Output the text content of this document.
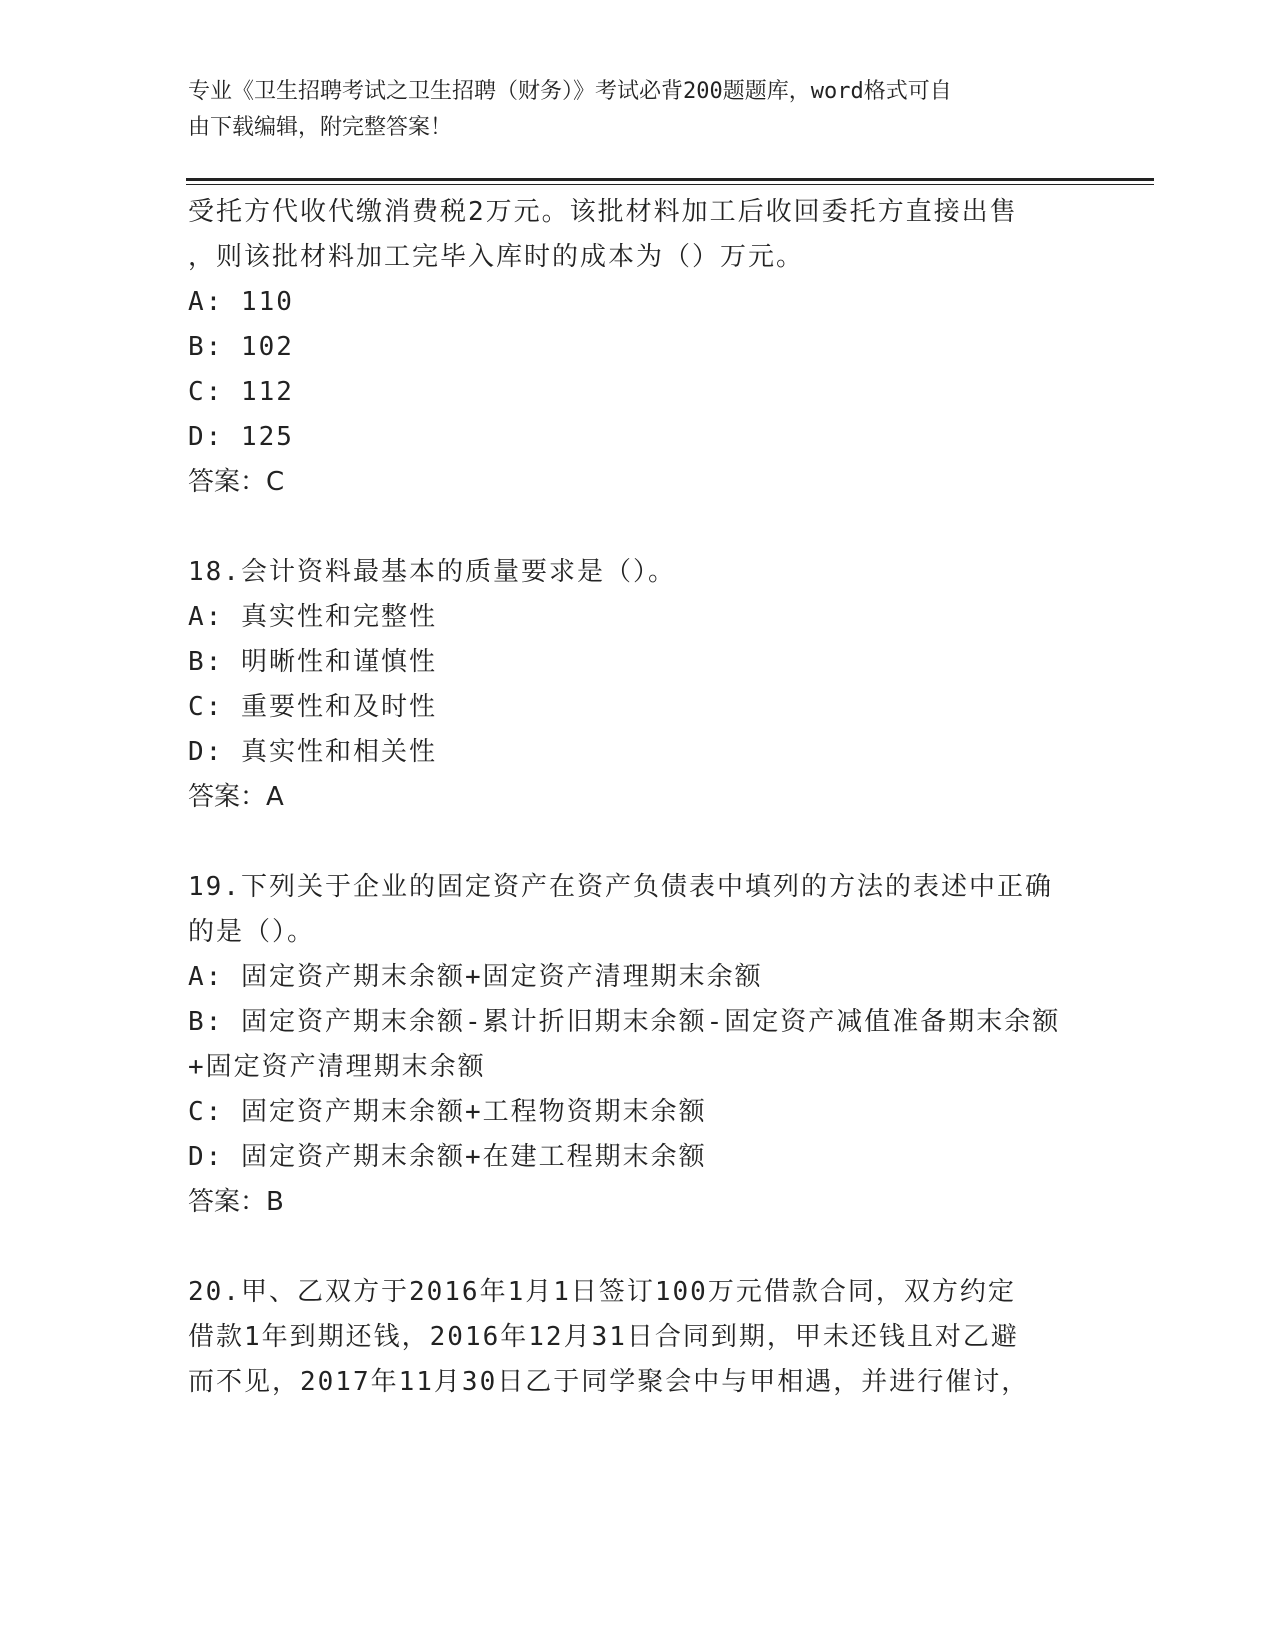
专业《卫生招聘考试之卫生招聘（财务）》考试必背200题题库，word格式可自
由下载编辑，附完整答案！
受托方代收代缴消费税2万元。该批材料加工后收回委托方直接出售
，则该批材料加工完毕入库时的成本为（）万元。
A: 110
B: 102
C: 112
D: 125
答案：C
18.会计资料最基本的质量要求是（）。
A: 真实性和完整性
B: 明晰性和谨慎性
C: 重要性和及时性
D: 真实性和相关性
答案：A
19.下列关于企业的固定资产在资产负债表中填列的方法的表述中正确
的是（）。
A: 固定资产期末余额+固定资产清理期末余额
B: 固定资产期末余额-累计折旧期末余额-固定资产减值准备期末余额
+固定资产清理期末余额
C: 固定资产期末余额+工程物资期末余额
D: 固定资产期末余额+在建工程期末余额
答案：B
20.甲、乙双方于2016年1月1日签订100万元借款合同，双方约定
借款1年到期还钱，2016年12月31日合同到期，甲未还钱且对乙避
而不见，2017年11月30日乙于同学聚会中与甲相遇，并进行催讨，
